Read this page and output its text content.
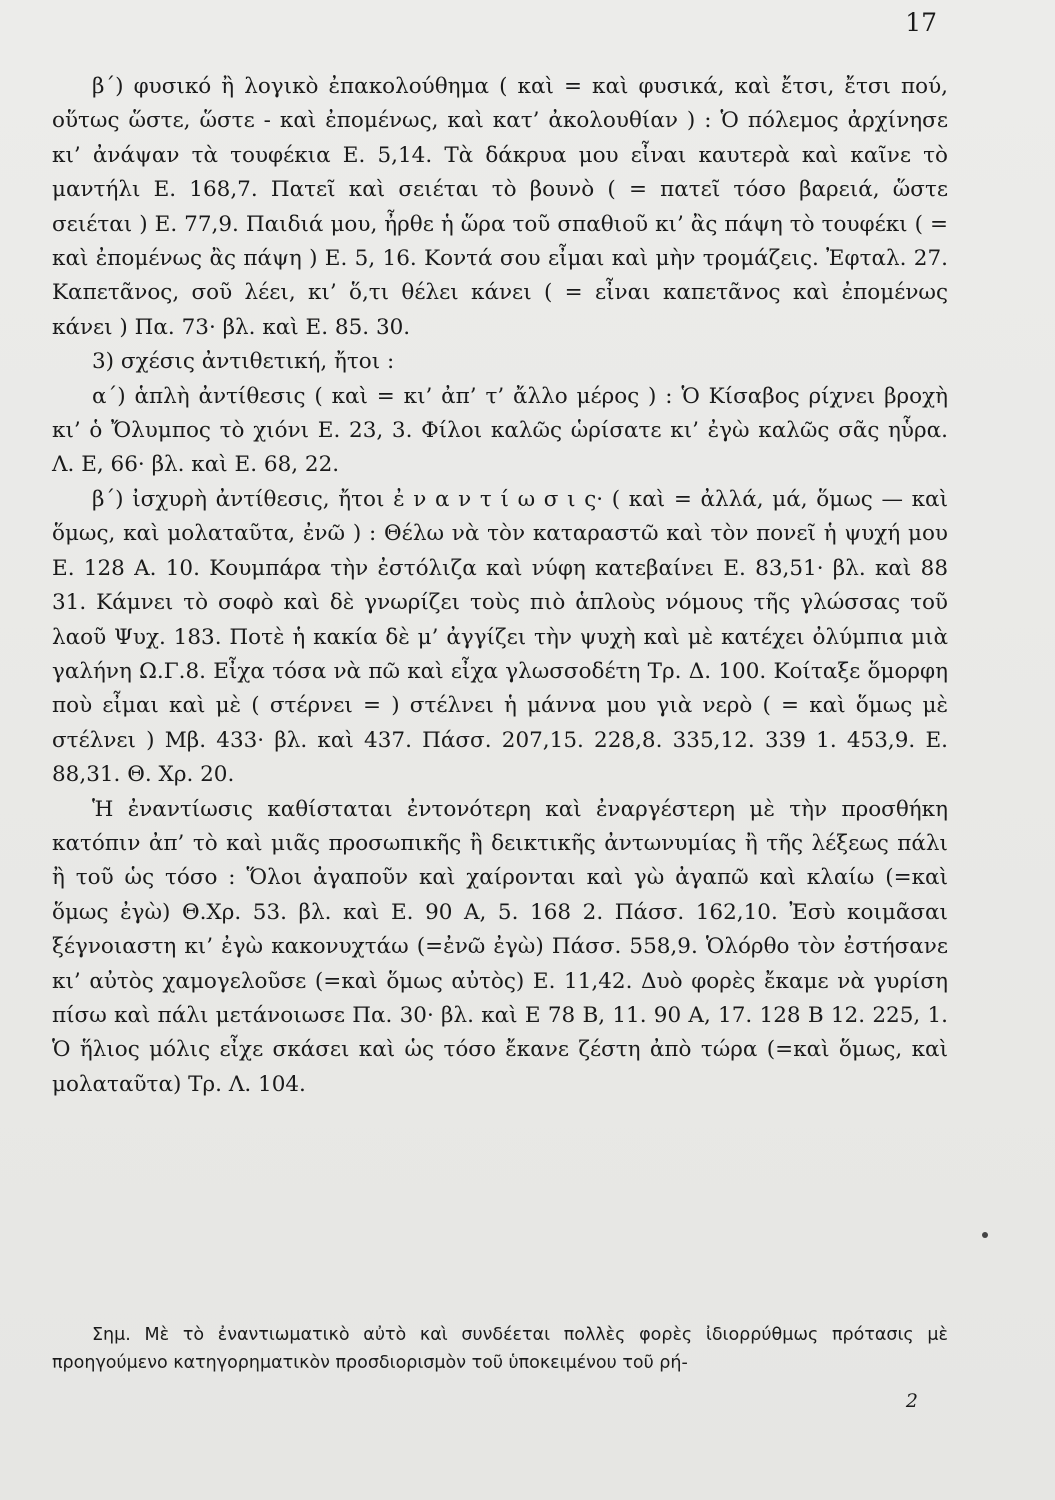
17

β΄) φυσικό ἢ λογικὸ ἐπακολούθημα ( καὶ = καὶ φυσικά, καὶ ἔτσι, ἔτσι πού, οὕτως ὥστε, ὥστε - καὶ ἐπομένως, καὶ κατ’ ἀκολουθίαν ) : Ὁ πόλεμος ἀρχίνησε κι’ ἀνάψαν τὰ τουφέκια Ε. 5,14. Τὰ δάκρυα μου εἶναι καυτερὰ καὶ καῖνε τὸ μαντήλι Ε. 168,7. Πατεῖ καὶ σειέται τὸ βουνὸ ( = πατεῖ τόσο βαρειά, ὥστε σειέται ) Ε. 77,9. Παιδιά μου, ἦρθε ἡ ὥρα τοῦ σπαθιοῦ κι’ ἂς πάψη τὸ τουφέκι ( = καὶ ἐπομένως ἂς πάψη ) Ε. 5, 16. Κοντά σου εἶμαι καὶ μὴν τρομάζεις. Ἐφταλ. 27. Καπετᾶνος, σοῦ λέει, κι’ ὅ,τι θέλει κάνει ( = εἶναι καπετᾶνος καὶ ἐπομένως κάνει ) Πα. 73· βλ. καὶ Ε. 85. 30.

3) σχέσις ἀντιθετική, ἤτοι :

α΄) ἁπλὴ ἀντίθεσις ( καὶ = κι’ ἀπ’ τ’ ἄλλο μέρος ) : Ὁ Κίσαβος ρίχνει βροχὴ κι’ ὁ Ὄλυμπος τὸ χιόνι Ε. 23, 3. Φίλοι καλῶς ὡρίσατε κι’ ἐγὼ καλῶς σᾶς ηὗρα. Λ. Ε, 66· βλ. καὶ Ε. 68, 22.

β΄) ἰσχυρὴ ἀντίθεσις, ἤτοι ἐ ν α ν τ ί ω σ ι ς· ( καὶ = ἀλλά, μά, ὅμως — καὶ ὅμως, καὶ μολαταῦτα, ἐνῶ ) : Θέλω νὰ τὸν καταραστῶ καὶ τὸν πονεῖ ἡ ψυχή μου Ε. 128 Α. 10. Κουμπάρα τὴν ἐστόλιζα καὶ νύφη κατεβαίνει Ε. 83,51· βλ. καὶ 88 31. Κάμνει τὸ σοφὸ καὶ δὲ γνωρίζει τοὺς πιὸ ἁπλοὺς νόμους τῆς γλώσσας τοῦ λαοῦ Ψυχ. 183. Ποτὲ ἡ κακία δὲ μ’ ἀγγίζει τὴν ψυχὴ καὶ μὲ κατέχει ὀλύμπια μιὰ γαλήνη Ω.Γ.8. Εἶχα τόσα νὰ πῶ καὶ εἶχα γλωσσοδέτη Τρ. Δ. 100. Κοίταξε ὅμορφη ποὺ εἶμαι καὶ μὲ ( στέρνει = ) στέλνει ἡ μάννα μου γιὰ νερὸ ( = καὶ ὅμως μὲ στέλνει ) Μβ. 433· βλ. καὶ 437. Πάσσ. 207,15. 228,8. 335,12. 339 1. 453,9. Ε. 88,31. Θ. Χρ. 20.

Ἡ ἐναντίωσις καθίσταται ἐντονότερη καὶ ἐναργέστερη μὲ τὴν προσθήκη κατόπιν ἀπ’ τὸ καὶ μιᾶς προσωπικῆς ἢ δεικτικῆς ἀντωνυμίας ἢ τῆς λέξεως πάλι ἢ τοῦ ὡς τόσο : Ὅλοι ἀγαποῦν καὶ χαίρονται καὶ γὼ ἀγαπῶ καὶ κλαίω (=καὶ ὅμως ἐγὼ) Θ.Χρ. 53. βλ. καὶ Ε. 90 Α, 5. 168 2. Πάσσ. 162,10. Ἐσὺ κοιμᾶσαι ξέγνοιαστη κι’ ἐγὼ κακονυχτάω (=ἐνῶ ἐγὼ) Πάσσ. 558,9. Ὁλόρθο τὸν ἐστήσανε κι’ αὐτὸς χαμογελοῦσε (=καὶ ὅμως αὐτὸς) Ε. 11,42. Δυὸ φορὲς ἔκαμε νὰ γυρίση πίσω καὶ πάλι μετάνοιωσε Πα. 30· βλ. καὶ Ε 78 Β, 11. 90 Α, 17. 128 Β 12. 225, 1. Ὁ ἥλιος μόλις εἶχε σκάσει καὶ ὡς τόσο ἔκανε ζέστη ἀπὸ τώρα (=καὶ ὅμως, καὶ μολαταῦτα) Τρ. Λ. 104.

Σημ. Μὲ τὸ ἐναντιωματικὸ αὐτὸ καὶ συνδέεται πολλὲς φορὲς ἰδιορρύθμως πρότασις μὲ προηγούμενο κατηγορηματικὸν προσδιορισμὸν τοῦ ὑποκειμένου τοῦ ρή-
2
